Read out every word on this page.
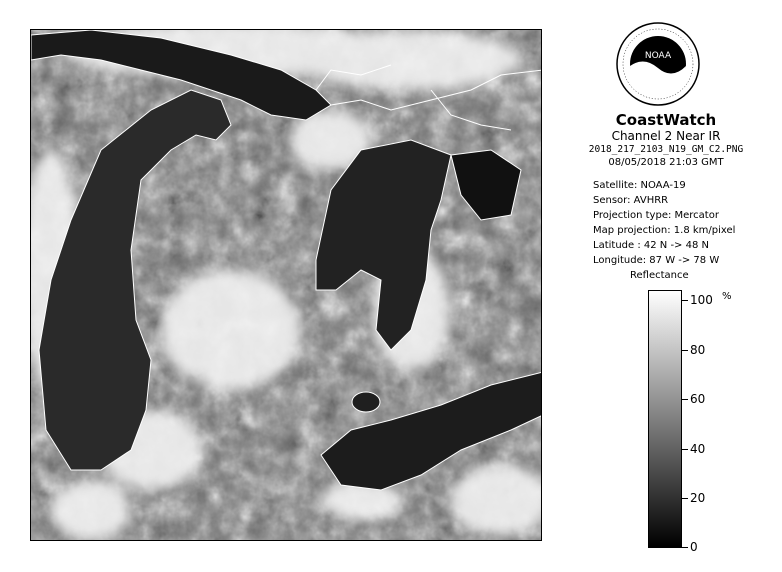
NOAA
CoastWatch
Channel 2 Near IR
2018_217_2103_N19_GM_C2.PNG
08/05/2018 21:03 GMT
Satellite: NOAA-19
Sensor: AVHRR
Projection type: Mercator
Map projection: 1.8 km/pixel
Latitude : 42 N -> 48 N
Longitude: 87 W -> 78 W
Reflectance
%
100
80
60
40
20
0
